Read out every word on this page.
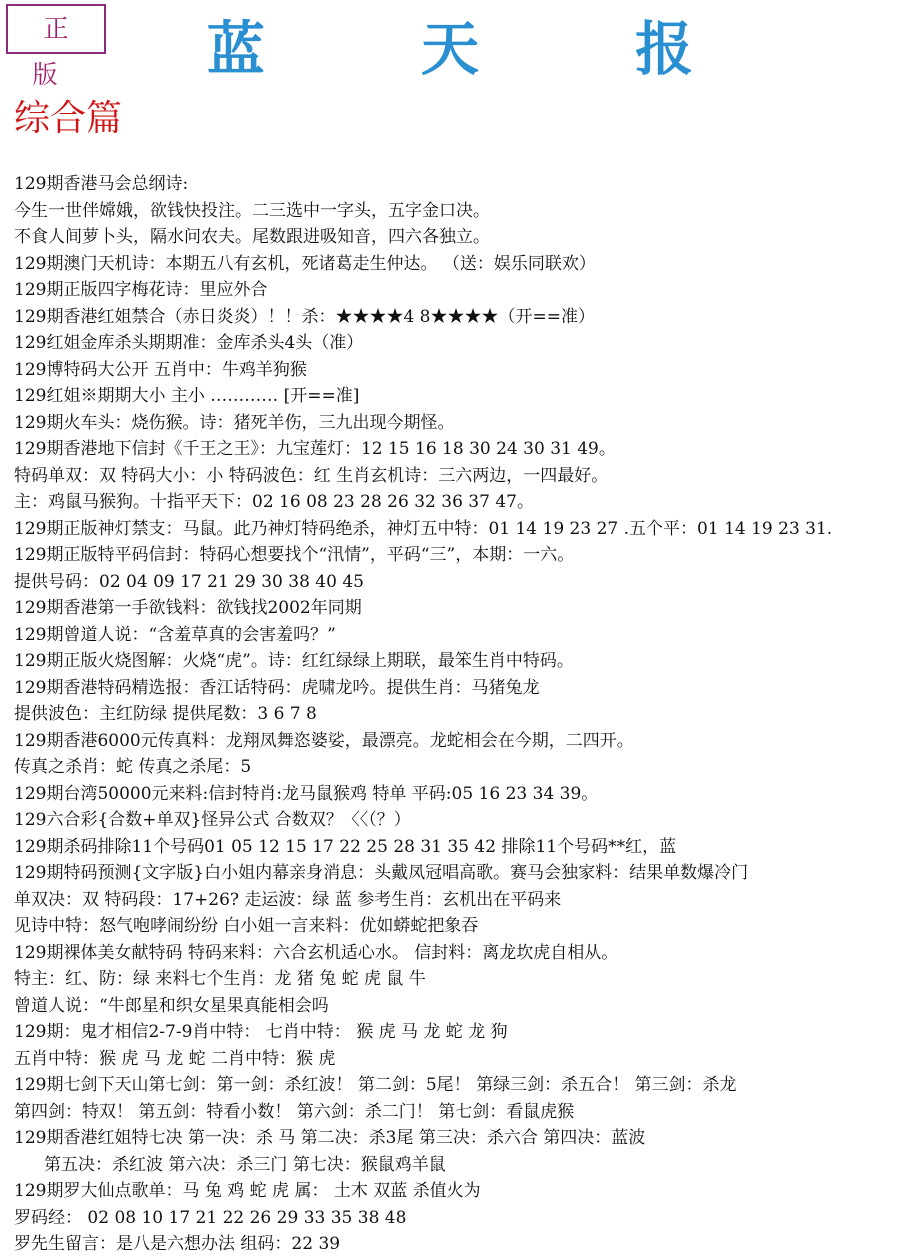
正 版	蓝 天 报
综合篇
129期香港马会总纲诗:
今生一世伴嫦娥，欲钱快投注。二三选中一字头，五字金口决。
不食人间萝卜头，隔水问农夫。尾数跟进吸知音，四六各独立。
129期澳门天机诗：本期五八有玄机，死诸葛走生仲达。 （送：娱乐同联欢）
129期正版四字梅花诗：里应外合
129期香港红姐禁合（赤日炎炎）！！杀：★★★★4 8★★★★（开==准）
129红姐金库杀头期期准：金库杀头4头（准）
129博特码大公开 五肖中：牛鸡羊狗猴
129红姐※期期大小 主小 ………… [开==准]
129期火车头：烧伤猴。诗：猪死羊伤，三九出现今期怪。
129期香港地下信封《千王之王》：九宝莲灯：12 15 16 18 30 24 30 31 49。
特码单双：双 特码大小：小 特码波色：红 生肖玄机诗：三六两边，一四最好。
主：鸡鼠马猴狗。十指平天下：02 16 08 23 28 26 32 36 37 47。
129期正版神灯禁支：马鼠。此乃神灯特码绝杀，神灯五中特：01 14 19 23 27 .五个平：01 14 19 23 31.
129期正版特平码信封：特码心想要找个“汛情”，平码“三”，本期：一六。
提供号码：02 04 09 17 21 29 30 38 40 45
129期香港第一手欲钱料：欲钱找2002年同期
129期曾道人说：“含羞草真的会害羞吗？”
129期正版火烧图解：火烧“虎”。诗：红红绿绿上期联，最笨生肖中特码。
129期香港特码精选报：香江话特码：虎啸龙吟。提供生肖：马猪兔龙
提供波色：主红防绿 提供尾数：3 6 7 8
129期香港6000元传真料：龙翔凤舞恣婆娑，最漂亮。龙蛇相会在今期，二四开。
传真之杀肖：蛇 传真之杀尾：5
129期台湾50000元来料:信封特肖:龙马鼠猴鸡 特单 平码:05 16 23 34 39。
129六合彩{合数+单双}怪异公式 合数双？〈〈（？）
129期杀码排除11个号码01 05 12 15 17 22 25 28 31 35 42 排除11个号码**红，蓝
129期特码预测{文字版}白小姐内幕亲身消息：头戴凤冠唱高歌。赛马会独家料：结果单数爆冷门
单双决：双 特码段：17+26? 走运波：绿 蓝 参考生肖：玄机出在平码来
见诗中特：怒气咆哮闹纷纷 白小姐一言来料：优如蟒蛇把象吞
129期裸体美女献特码 特码来料：六合玄机适心水。 信封料：离龙坎虎自相从。
特主：红、防：绿 来料七个生肖：龙 猪 兔 蛇 虎 鼠 牛
曾道人说：“牛郎星和织女星果真能相会吗
129期：鬼才相信2-7-9肖中特： 七肖中特： 猴 虎 马 龙 蛇 龙 狗
五肖中特：猴 虎 马 龙 蛇 二肖中特：猴 虎
129期七剑下天山第七剑：第一剑：杀红波！ 第二剑：5尾！ 第绿三剑：杀五合！ 第三剑：杀龙
第四剑：特双！ 第五剑：特看小数！ 第六剑：杀二门！ 第七剑：看鼠虎猴
129期香港红姐特七决 第一决：杀 马 第二决：杀3尾 第三决：杀六合 第四决：蓝波
第五决：杀红波 第六决：杀三门 第七决：猴鼠鸡羊鼠
129期罗大仙点歌单：马 兔 鸡 蛇 虎 属： 土木 双蓝 杀值火为
罗码经： 02 08 10 17 21 22 26 29 33 35 38 48
罗先生留言：是八是六想办法 组码：22 39
